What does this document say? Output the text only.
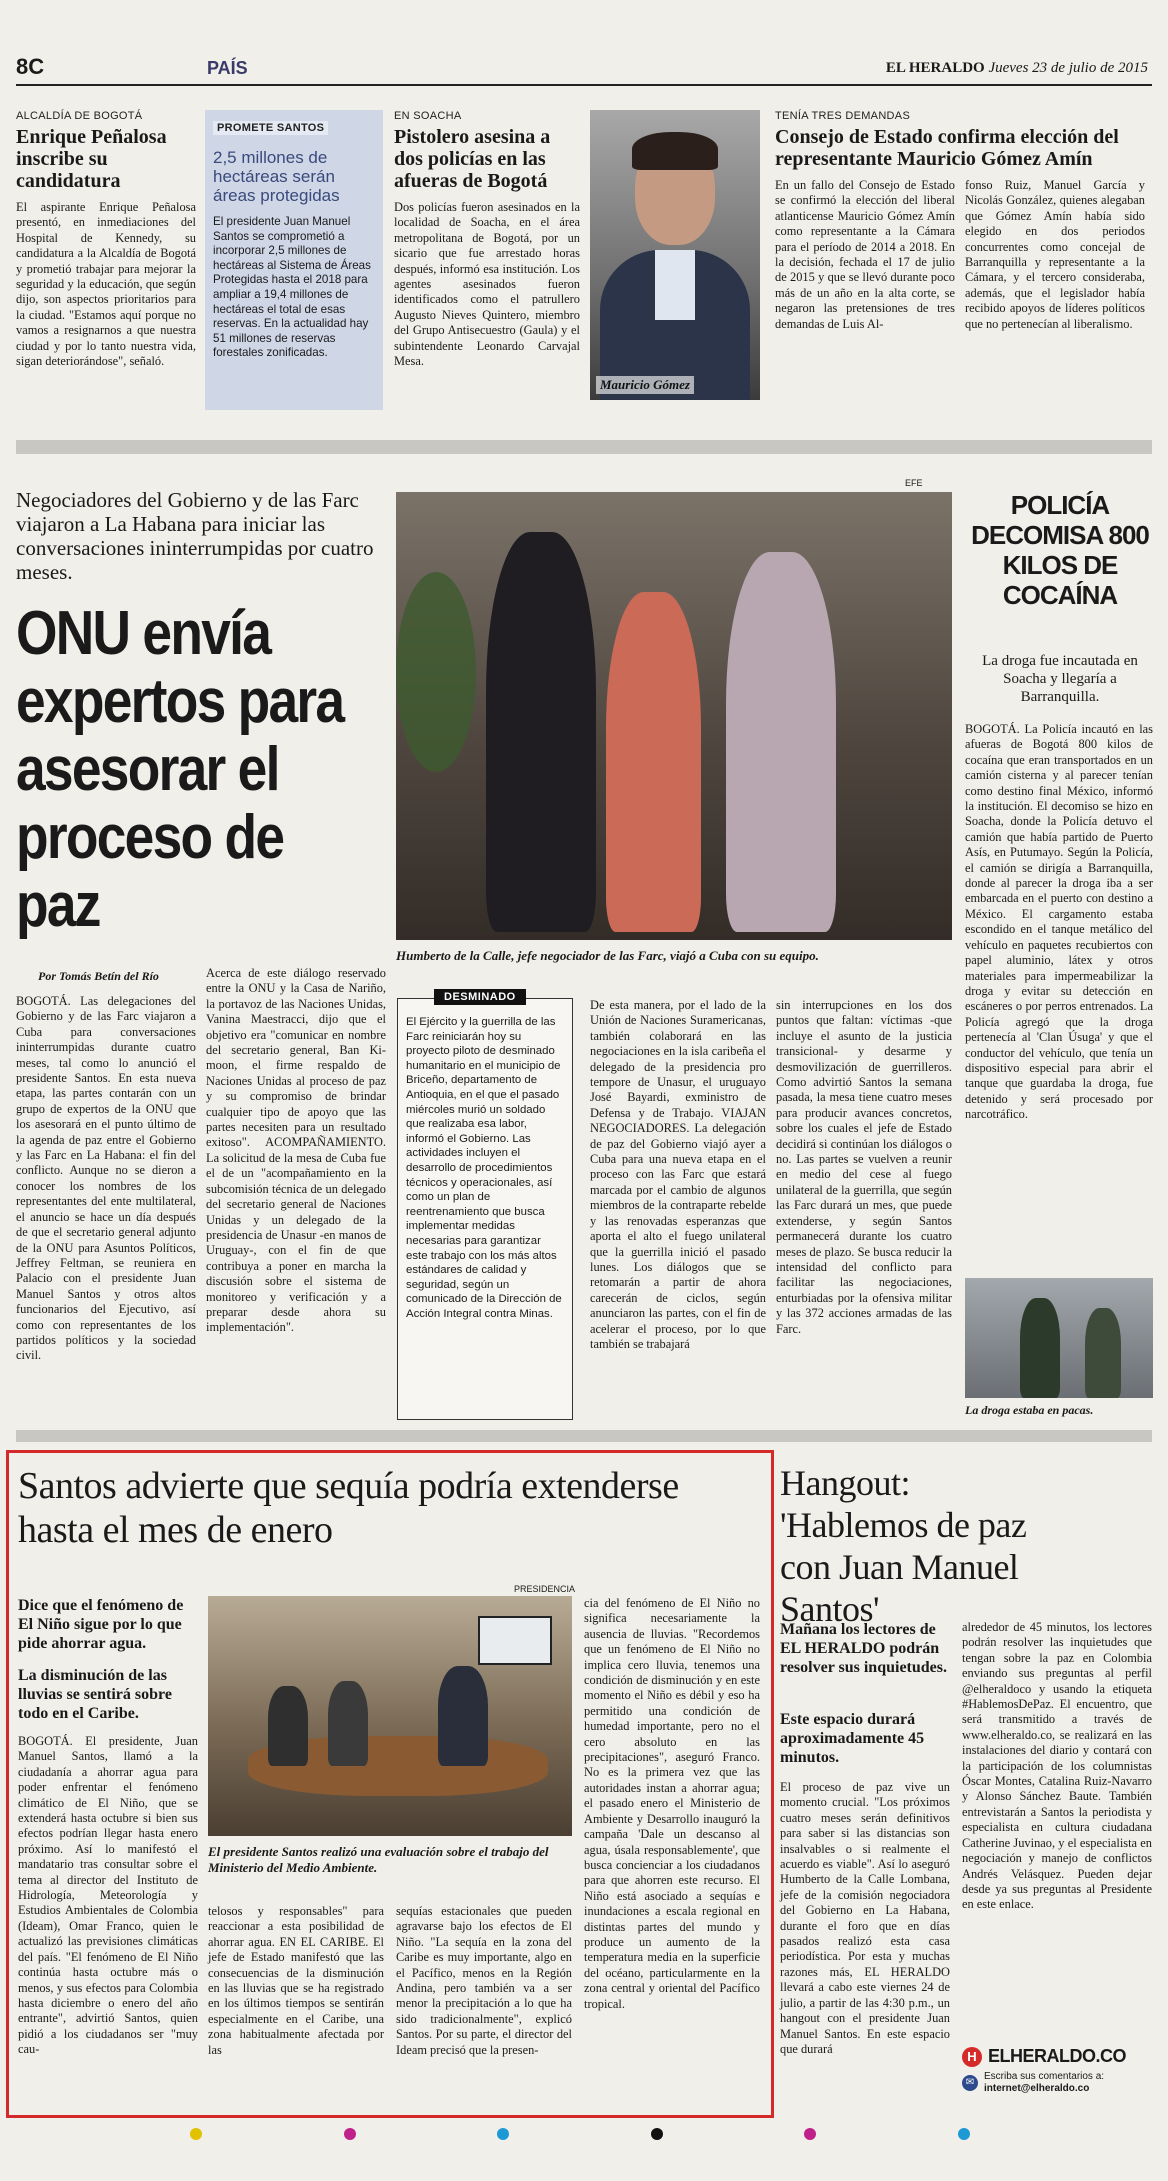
8C	PAÍS	EL HERALDO Jueves 23 de julio de 2015
ALCALDÍA DE BOGOTÁ
Enrique Peñalosa inscribe su candidatura
El aspirante Enrique Peñalosa presentó, en inmediaciones del Hospital de Kennedy, su candidatura a la Alcaldía de Bogotá y prometió trabajar para mejorar la seguridad y la educación, que según dijo, son aspectos prioritarios para la ciudad. "Estamos aquí porque no vamos a resignarnos a que nuestra ciudad y por lo tanto nuestra vida, sigan deteriorándose", señaló.
PROMETE SANTOS
2,5 millones de hectáreas serán áreas protegidas
El presidente Juan Manuel Santos se comprometió a incorporar 2,5 millones de hectáreas al Sistema de Áreas Protegidas hasta el 2018 para ampliar a 19,4 millones de hectáreas el total de esas reservas. En la actualidad hay 51 millones de reservas forestales zonificadas.
EN SOACHA
Pistolero asesina a dos policías en las afueras de Bogotá
Dos policías fueron asesinados en la localidad de Soacha, en el área metropolitana de Bogotá, por un sicario que fue arrestado horas después, informó esa institución. Los agentes asesinados fueron identificados como el patrullero Augusto Nieves Quintero, miembro del Grupo Antisecuestro (Gaula) y el subintendente Leonardo Carvajal Mesa.
Mauricio Gómez
TENÍA TRES DEMANDAS
Consejo de Estado confirma elección del representante Mauricio Gómez Amín
En un fallo del Consejo de Estado se confirmó la elección del liberal atlanticense Mauricio Gómez Amín como representante a la Cámara para el período de 2014 a 2018. En la decisión, fechada el 17 de julio de 2015 y que se llevó durante poco más de un año en la alta corte, se negaron las pretensiones de tres demandas de Luis Al-
fonso Ruiz, Manuel García y Nicolás González, quienes alegaban que Gómez Amín había sido elegido en dos periodos concurrentes como concejal de Barranquilla y representante a la Cámara, y el tercero consideraba, además, que el legislador había recibido apoyos de líderes políticos que no pertenecían al liberalismo.
Negociadores del Gobierno y de las Farc viajaron a La Habana para iniciar las conversaciones ininterrumpidas por cuatro meses.
ONU envía expertos para asesorar el proceso de paz
EFE
Humberto de la Calle, jefe negociador de las Farc, viajó a Cuba con su equipo.
Por Tomás Betín del Río
BOGOTÁ. Las delegaciones del Gobierno y de las Farc viajaron a Cuba para conversaciones ininterrumpidas durante cuatro meses, tal como lo anunció el presidente Santos. En esta nueva etapa, las partes contarán con un grupo de expertos de la ONU que los asesorará en el punto último de la agenda de paz entre el Gobierno y las Farc en La Habana: el fin del conflicto. Aunque no se dieron a conocer los nombres de los representantes del ente multilateral, el anuncio se hace un día después de que el secretario general adjunto de la ONU para Asuntos Políticos, Jeffrey Feltman, se reuniera en Palacio con el presidente Juan Manuel Santos y otros altos funcionarios del Ejecutivo, así como con representantes de los partidos políticos y la sociedad civil.
Acerca de este diálogo reservado entre la ONU y la Casa de Nariño, la portavoz de las Naciones Unidas, Vanina Maestracci, dijo que el objetivo era "comunicar en nombre del secretario general, Ban Ki-moon, el firme respaldo de Naciones Unidas al proceso de paz y su compromiso de brindar cualquier tipo de apoyo que las partes necesiten para un resultado exitoso". ACOMPAÑAMIENTO. La solicitud de la mesa de Cuba fue el de un "acompañamiento en la subcomisión técnica de un delegado del secretario general de Naciones Unidas y un delegado de la presidencia de Unasur -en manos de Uruguay-, con el fin de que contribuya a poner en marcha la discusión sobre el sistema de monitoreo y verificación y a preparar desde ahora su implementación".
DESMINADO
El Ejército y la guerrilla de las Farc reiniciarán hoy su proyecto piloto de desminado humanitario en el municipio de Briceño, departamento de Antioquia, en el que el pasado miércoles murió un soldado que realizaba esa labor, informó el Gobierno. Las actividades incluyen el desarrollo de procedimientos técnicos y operacionales, así como un plan de reentrenamiento que busca implementar medidas necesarias para garantizar este trabajo con los más altos estándares de calidad y seguridad, según un comunicado de la Dirección de Acción Integral contra Minas.
De esta manera, por el lado de la Unión de Naciones Suramericanas, también colaborará en las negociaciones en la isla caribeña el delegado de la presidencia pro tempore de Unasur, el uruguayo José Bayardi, exministro de Defensa y de Trabajo. VIAJAN NEGOCIADORES. La delegación de paz del Gobierno viajó ayer a Cuba para una nueva etapa en el proceso con las Farc que estará marcada por el cambio de algunos miembros de la contraparte rebelde y las renovadas esperanzas que aporta el alto el fuego unilateral que la guerrilla inició el pasado lunes. Los diálogos que se retomarán a partir de ahora carecerán de ciclos, según anunciaron las partes, con el fin de acelerar el proceso, por lo que también se trabajará
sin interrupciones en los dos puntos que faltan: víctimas -que incluye el asunto de la justicia transicional- y desarme y desmovilización de guerrilleros. Como advirtió Santos la semana pasada, la mesa tiene cuatro meses para producir avances concretos, sobre los cuales el jefe de Estado decidirá si continúan los diálogos o no. Las partes se vuelven a reunir en medio del cese al fuego unilateral de la guerrilla, que según las Farc durará un mes, que puede extenderse, y según Santos permanecerá durante los cuatro meses de plazo. Se busca reducir la intensidad del conflicto para facilitar las negociaciones, enturbiadas por la ofensiva militar y las 372 acciones armadas de las Farc.
POLICÍA DECOMISA 800 KILOS DE COCAÍNA
La droga fue incautada en Soacha y llegaría a Barranquilla.
BOGOTÁ. La Policía incautó en las afueras de Bogotá 800 kilos de cocaína que eran transportados en un camión cisterna y al parecer tenían como destino final México, informó la institución. El decomiso se hizo en Soacha, donde la Policía detuvo el camión que había partido de Puerto Asís, en Putumayo. Según la Policía, el camión se dirigía a Barranquilla, donde al parecer la droga iba a ser embarcada en el puerto con destino a México. El cargamento estaba escondido en el tanque metálico del vehículo en paquetes recubiertos con papel aluminio, látex y otros materiales para impermeabilizar la droga y evitar su detección en escáneres o por perros entrenados. La Policía agregó que la droga pertenecía al 'Clan Úsuga' y que el conductor del vehículo, que tenía un dispositivo especial para abrir el tanque que guardaba la droga, fue detenido y será procesado por narcotráfico.
La droga estaba en pacas.
Santos advierte que sequía podría extenderse hasta el mes de enero
Dice que el fenómeno de El Niño sigue por lo que pide ahorrar agua.
La disminución de las lluvias se sentirá sobre todo en el Caribe.
BOGOTÁ. El presidente, Juan Manuel Santos, llamó a la ciudadanía a ahorrar agua para poder enfrentar el fenómeno climático de El Niño, que se extenderá hasta octubre si bien sus efectos podrían llegar hasta enero próximo. Así lo manifestó el mandatario tras consultar sobre el tema al director del Instituto de Hidrología, Meteorología y Estudios Ambientales de Colombia (Ideam), Omar Franco, quien le actualizó las previsiones climáticas del país. "El fenómeno de El Niño continúa hasta octubre más o menos, y sus efectos para Colombia hasta diciembre o enero del año entrante", advirtió Santos, quien pidió a los ciudadanos ser "muy cau-
PRESIDENCIA
El presidente Santos realizó una evaluación sobre el trabajo del Ministerio del Medio Ambiente.
telosos y responsables" para reaccionar a esta posibilidad de ahorrar agua. EN EL CARIBE. El jefe de Estado manifestó que las consecuencias de la disminución en las lluvias que se ha registrado en los últimos tiempos se sentirán especialmente en el Caribe, una zona habitualmente afectada por las
sequías estacionales que pueden agravarse bajo los efectos de El Niño. "La sequía en la zona del Caribe es muy importante, algo en el Pacífico, menos en la Región Andina, pero también va a ser menor la precipitación a lo que ha sido tradicionalmente", explicó Santos. Por su parte, el director del Ideam precisó que la presen-
cia del fenómeno de El Niño no significa necesariamente la ausencia de lluvias. "Recordemos que un fenómeno de El Niño no implica cero lluvia, tenemos una condición de disminución y en este momento el Niño es débil y eso ha permitido una condición de humedad importante, pero no el cero absoluto en las precipitaciones", aseguró Franco. No es la primera vez que las autoridades instan a ahorrar agua; el pasado enero el Ministerio de Ambiente y Desarrollo inauguró la campaña 'Dale un descanso al agua, úsala responsablemente', que busca concienciar a los ciudadanos para que ahorren este recurso. El Niño está asociado a sequías e inundaciones a escala regional en distintas partes del mundo y produce un aumento de la temperatura media en la superficie del océano, particularmente en la zona central y oriental del Pacífico tropical.
Hangout: 'Hablemos de paz con Juan Manuel Santos'
Mañana los lectores de EL HERALDO podrán resolver sus inquietudes.
Este espacio durará aproximadamente 45 minutos.
El proceso de paz vive un momento crucial. "Los próximos cuatro meses serán definitivos para saber si las distancias son insalvables o si realmente el acuerdo es viable". Así lo aseguró Humberto de la Calle Lombana, jefe de la comisión negociadora del Gobierno en La Habana, durante el foro que en días pasados realizó esta casa periodística. Por esta y muchas razones más, EL HERALDO llevará a cabo este viernes 24 de julio, a partir de las 4:30 p.m., un hangout con el presidente Juan Manuel Santos. En este espacio que durará
alrededor de 45 minutos, los lectores podrán resolver las inquietudes que tengan sobre la paz en Colombia enviando sus preguntas al perfil @elheraldoco y usando la etiqueta #HablemosDePaz. El encuentro, que será transmitido a través de www.elheraldo.co, se realizará en las instalaciones del diario y contará con la participación de los columnistas Óscar Montes, Catalina Ruiz-Navarro y Alonso Sánchez Baute. También entrevistarán a Santos la periodista y especialista en cultura ciudadana Catherine Juvinao, y el especialista en negociación y manejo de conflictos Andrés Velásquez. Pueden dejar desde ya sus preguntas al Presidente en este enlace.
H ELHERALDO.CO
✉
Escriba sus comentarios a:
internet@elheraldo.co
